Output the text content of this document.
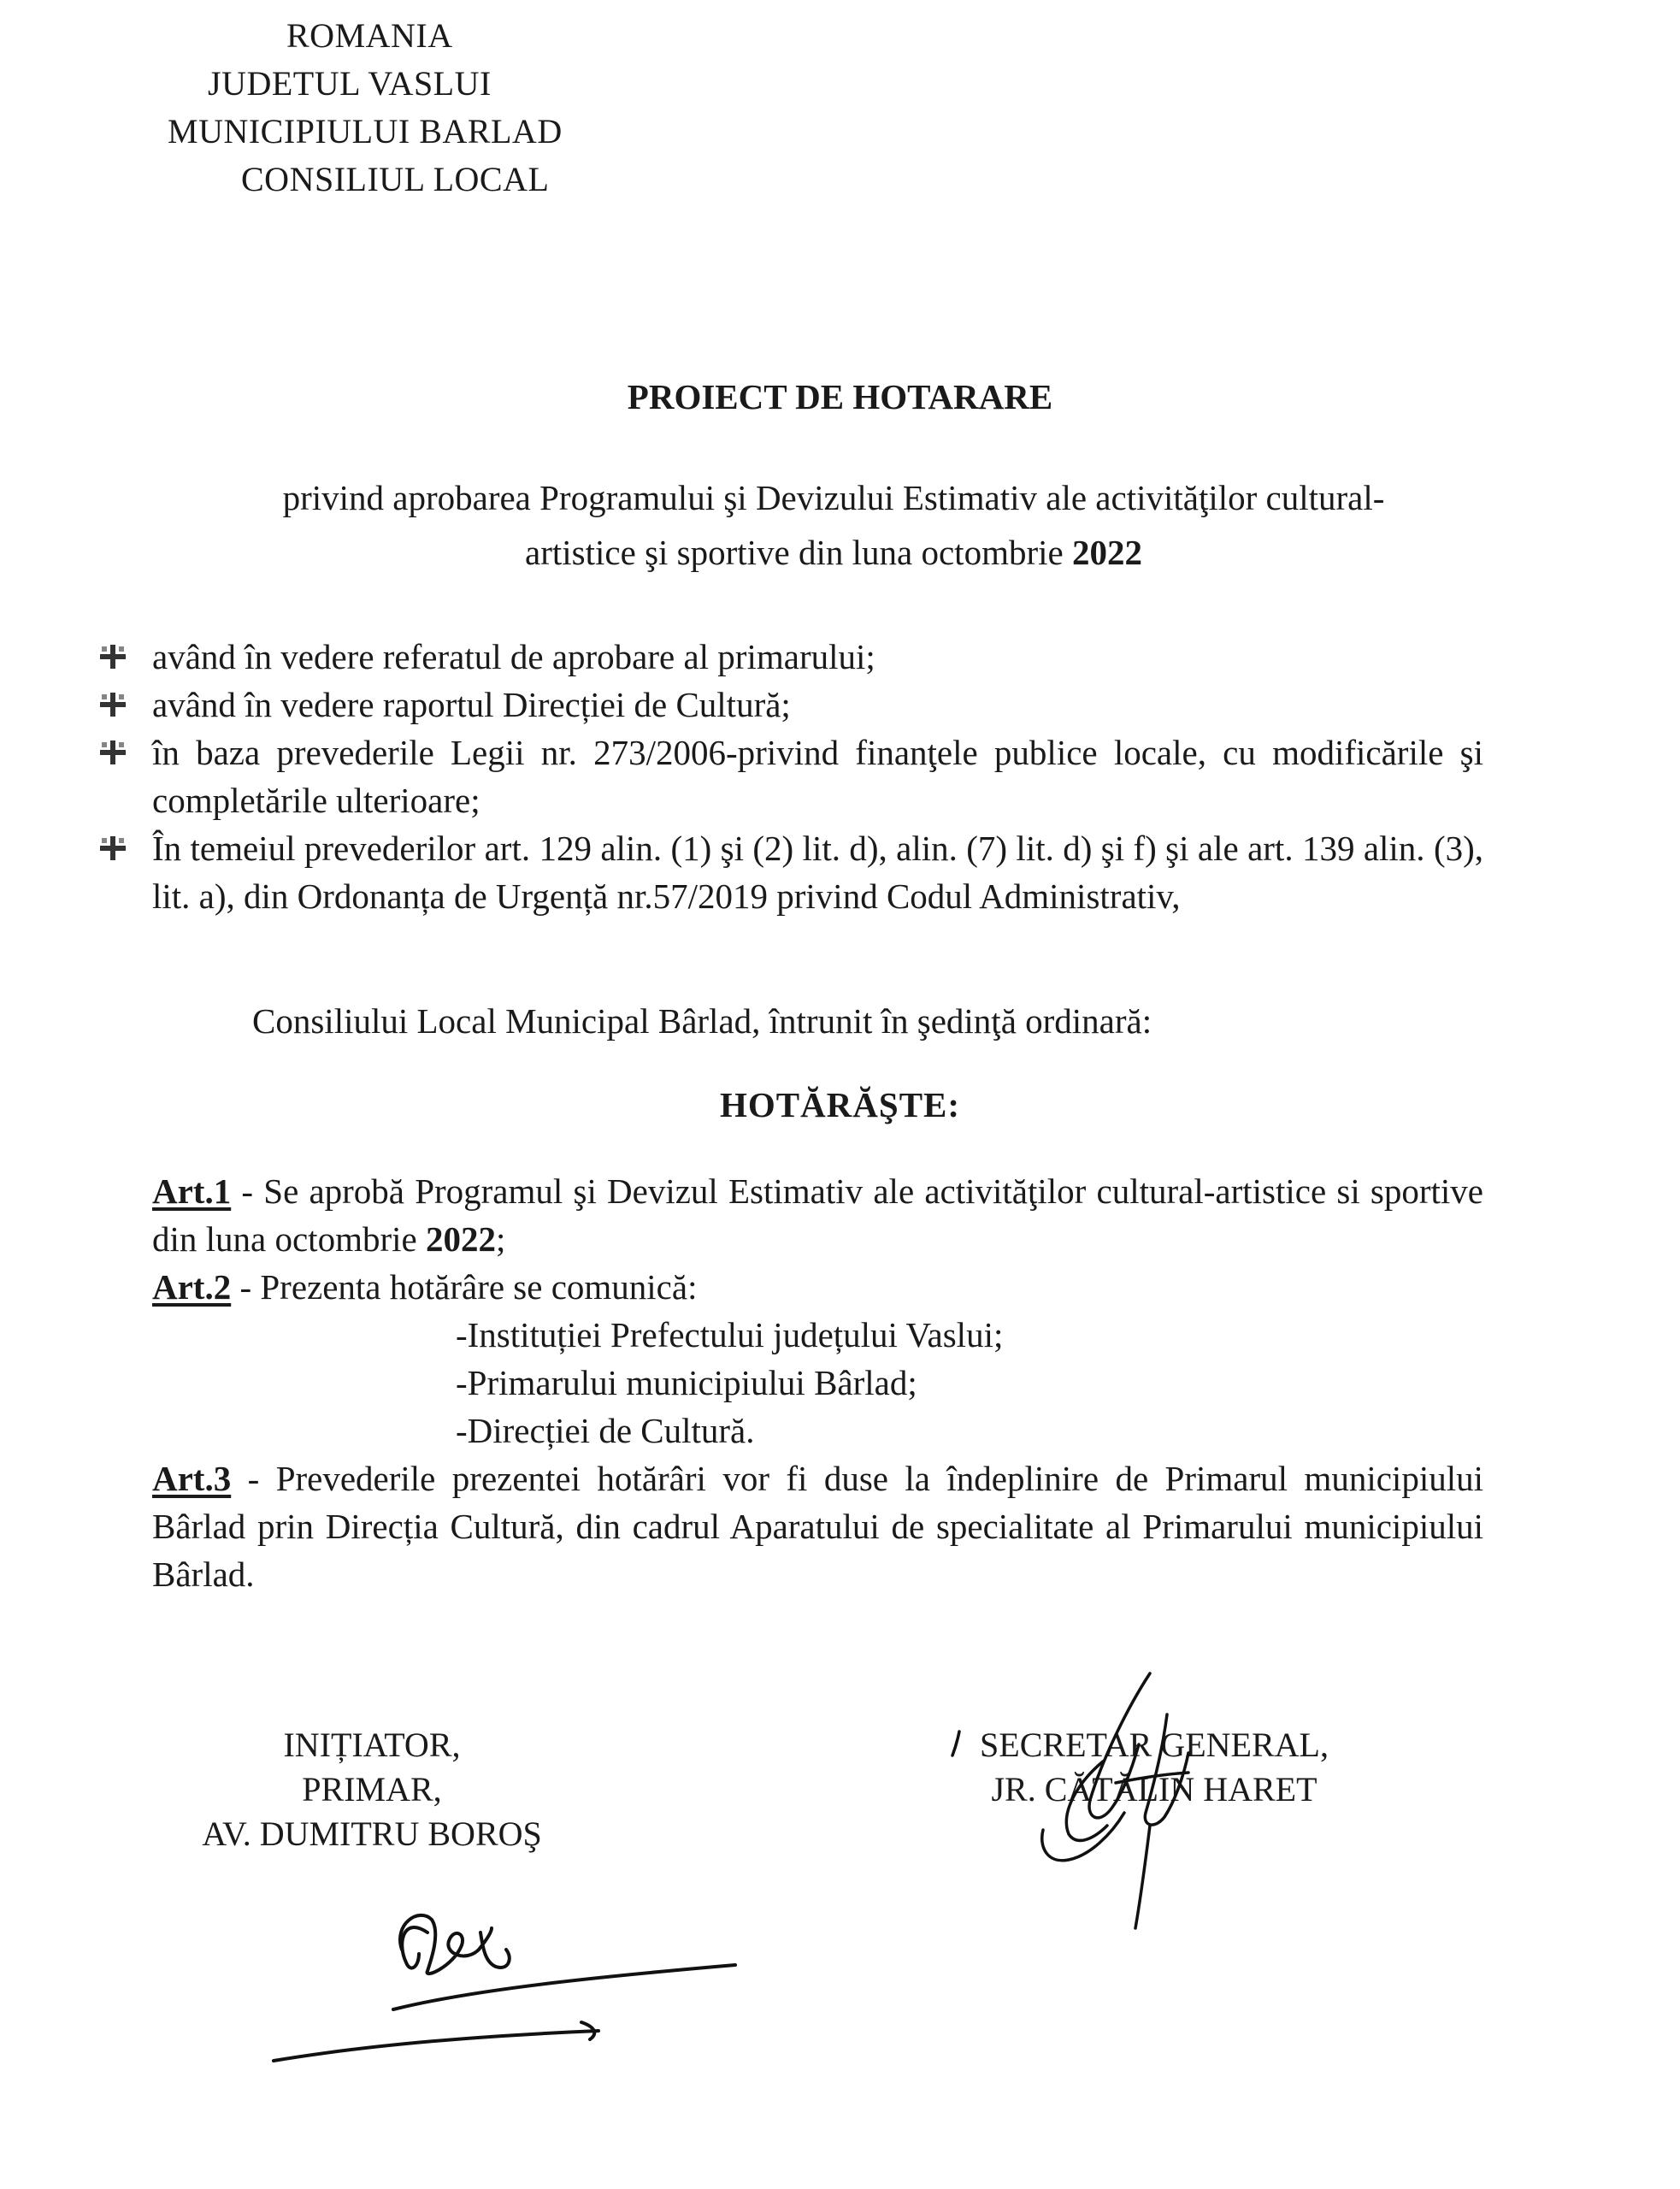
ROMANIA
JUDETUL VASLUI
MUNICIPIULUI BARLAD
CONSILIUL LOCAL
PROIECT DE HOTARARE
privind aprobarea Programului şi Devizului Estimativ ale activităţilor cultural-
artistice şi sportive din luna octombrie 2022
având în vedere referatul de aprobare al primarului;
având în vedere raportul Direcției de Cultură;
în baza prevederile Legii nr. 273/2006-privind finanţele publice locale, cu modificările şi completările ulterioare;
În temeiul prevederilor art. 129 alin. (1) şi (2) lit. d), alin. (7) lit. d) şi f) şi ale art. 139 alin. (3), lit. a), din Ordonanța de Urgență nr.57/2019 privind Codul Administrativ,

Consiliului Local Municipal Bârlad, întrunit în şedinţă ordinară:

HOTĂRĂŞTE:

Art.1 - Se aprobă Programul şi Devizul Estimativ ale activităţilor cultural-artistice si sportive din luna octombrie 2022;

Art.2 - Prezenta hotărâre se comunică:

-Instituției Prefectului județului Vaslui;
-Primarului municipiului Bârlad;
-Direcției de Cultură.

Art.3 - Prevederile prezentei hotărâri vor fi duse la îndeplinire de Primarul municipiului Bârlad prin Direcția Cultură, din cadrul Aparatului de specialitate al Primarului municipiului Bârlad.

INIȚIATOR,
PRIMAR,
AV. DUMITRU BOROŞ
SECRETAR GENERAL,
JR. CĂTĂLIN HARET
